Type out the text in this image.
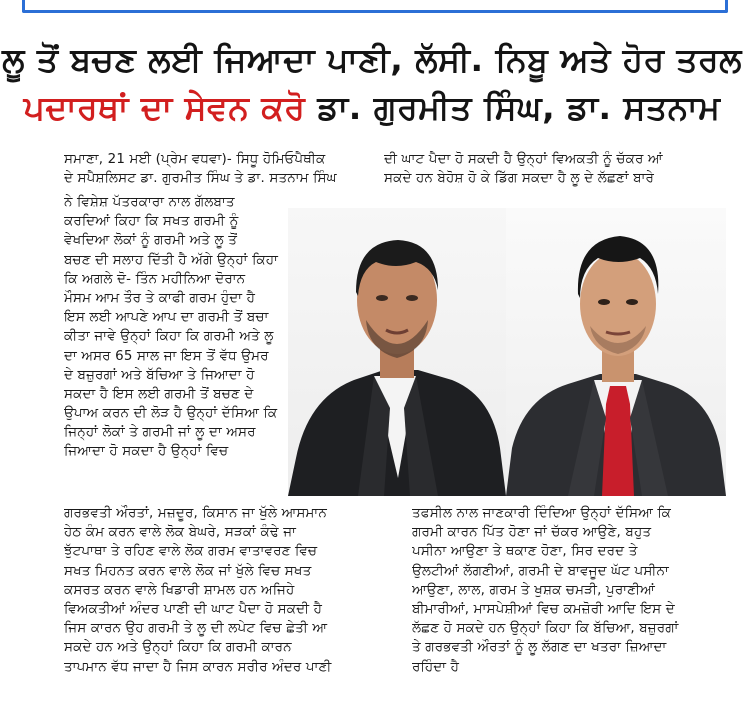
ਲੂ ਤੋਂ ਬਚਣ ਲਈ ਜਿਆਦਾ ਪਾਣੀ, ਲੱਸੀ. ਨਿਬੂ ਅਤੇ ਹੋਰ ਤਰਲ
ਪਦਾਰਥਾਂ ਦਾ ਸੇਵਨ ਕਰੋ ਡਾ. ਗੁਰਮੀਤ ਸਿੰਘ, ਡਾ. ਸਤਨਾਮ
ਸਮਾਣਾ, 21 ਮਈ (ਪ੍ਰੇਮ ਵਧਵਾ)- ਸਿਧੂ ਹੋਮਿਓਪੈਥੀਕ
ਦੇ ਸਪੈਸ਼ਲਿਸਟ ਡਾ. ਗੁਰਮੀਤ ਸਿੰਘ ਤੇ ਡਾ. ਸਤਨਾਮ ਸਿੰਘ
ਦੀ ਘਾਟ ਪੈਦਾ ਹੋ ਸਕਦੀ ਹੈ ਉਨ੍ਹਾਂ ਵਿਅਕਤੀ ਨੂੰ ਚੱਕਰ ਆਂ
ਸਕਦੇ ਹਨ ਬੇਹੋਸ਼ ਹੋ ਕੇ ਡਿੱਗ ਸਕਦਾ ਹੈ ਲੂ ਦੇ ਲੱਛਣਾਂ ਬਾਰੇ
ਨੇ ਵਿਸ਼ੇਸ਼ ਪੱਤਰਕਾਰਾ ਨਾਲ ਗੱਲਬਾਤ
ਕਰਦਿਆਂ ਕਿਹਾ ਕਿ ਸਖਤ ਗਰਮੀ ਨੂੰ
ਵੇਖਦਿਆ ਲੋਕਾਂ ਨੂੰ ਗਰਮੀ ਅਤੇ ਲੂ ਤੋਂ
ਬਚਣ ਦੀ ਸਲਾਹ ਦਿੱਤੀ ਹੈ ਅੱਗੇ ਉਨ੍ਹਾਂ ਕਿਹਾ
ਕਿ ਅਗਲੇ ਦੋ- ਤਿੰਨ ਮਹੀਨਿਆ ਦੋਰਾਨ
ਮੌਸਮ ਆਮ ਤੌਰ ਤੇ ਕਾਫੀ ਗਰਮ ਹੁੰਦਾ ਹੈ
ਇਸ ਲਈ ਆਪਣੇ ਆਪ ਦਾ ਗਰਮੀ ਤੋਂ ਬਚਾ
ਕੀਤਾ ਜਾਵੇ ਉਨ੍ਹਾਂ ਕਿਹਾ ਕਿ ਗਰਮੀ ਅਤੇ ਲੂ
ਦਾ ਅਸਰ 65 ਸਾਲ ਜਾ ਇਸ ਤੋਂ ਵੱਧ ਉਮਰ
ਦੇ ਬਜ਼ੁਰਗਾਂ ਅਤੇ ਬੱਚਿਆ ਤੇ ਜਿਆਦਾ ਹੋ
ਸਕਦਾ ਹੈ ਇਸ ਲਈ ਗਰਮੀ ਤੋਂ ਬਚਣ ਦੇ
ਉਪਾਅ ਕਰਨ ਦੀ ਲੋੜ ਹੈ ਉਨ੍ਹਾਂ ਦੱਸਿਆ ਕਿ
ਜਿਨ੍ਹਾਂ ਲੋਕਾਂ ਤੇ ਗਰਮੀ ਜਾਂ ਲੂ ਦਾ ਅਸਰ
ਜਿਆਦਾ ਹੋ ਸਕਦਾ ਹੈ ਉਨ੍ਹਾਂ ਵਿਚ
ਗਰਭਵਤੀ ਔਰਤਾਂ, ਮਜ਼ਦੂਰ, ਕਿਸਾਨ ਜਾ ਖੁੱਲੇ ਆਸਮਾਨ
ਹੇਠ ਕੰਮ ਕਰਨ ਵਾਲੇ ਲੋਕ ਬੇਘਰੇ, ਸੜਕਾਂ ਕੰਢੇ ਜਾ
ਝੁੱਟਪਾਥਾ ਤੇ ਰਹਿਣ ਵਾਲੇ ਲੋਕ ਗਰਮ ਵਾਤਾਵਰਣ ਵਿਚ
ਸਖਤ ਮਿਹਨਤ ਕਰਨ ਵਾਲੇ ਲੋਕ ਜਾਂ ਖੁੱਲੇ ਵਿਚ ਸਖਤ
ਕਸਰਤ ਕਰਨ ਵਾਲੇ ਖਿਡਾਰੀ ਸ਼ਾਮਲ ਹਨ ਅਜਿਹੇ
ਵਿਅਕਤੀਆਂ ਅੰਦਰ ਪਾਣੀ ਦੀ ਘਾਟ ਪੈਦਾ ਹੋ ਸਕਦੀ ਹੈ
ਜਿਸ ਕਾਰਨ ਉਹ ਗਰਮੀ ਤੇ ਲੂ ਦੀ ਲਪੇਟ ਵਿਚ ਛੇਤੀ ਆ
ਸਕਦੇ ਹਨ ਅਤੇ ਉਨ੍ਹਾਂ ਕਿਹਾ ਕਿ ਗਰਮੀ ਕਾਰਨ
ਤਾਪਮਾਨ ਵੱਧ ਜਾਦਾ ਹੈ ਜਿਸ ਕਾਰਨ ਸਰੀਰ ਅੰਦਰ ਪਾਣੀ
ਤਫਸੀਲ ਨਾਲ ਜਾਣਕਾਰੀ ਦਿੰਦਿਆ ਉਨ੍ਹਾਂ ਦੱਸਿਆ ਕਿ
ਗਰਮੀ ਕਾਰਨ ਪਿੱਤ ਹੋਣਾ ਜਾਂ ਚੱਕਰ ਆਉਣੇ, ਬਹੁਤ
ਪਸੀਨਾ ਆਉਣਾ ਤੇ ਥਕਾਣ ਹੋਣਾ, ਸਿਰ ਦਰਦ ਤੇ
ਉਲਟੀਆਂ ਲੱਗਣੀਆਂ, ਗਰਮੀ ਦੇ ਬਾਵਜੂਦ ਘੱਟ ਪਸੀਨਾ
ਆਉਣਾ, ਲਾਲ, ਗਰਮ ਤੇ ਖੁਸ਼ਕ ਚਮੜੀ, ਪੁਰਾਣੀਆਂ
ਬੀਮਾਰੀਆਂ, ਮਾਸਪੇਸ਼ੀਆਂ ਵਿਚ ਕਮਜ਼ੋਰੀ ਆਦਿ ਇਸ ਦੇ
ਲੱਛਣ ਹੋ ਸਕਦੇ ਹਨ ਉਨ੍ਹਾਂ ਕਿਹਾ ਕਿ ਬੱਚਿਆ, ਬਜ਼ੁਰਗਾਂ
ਤੇ ਗਰਭਵਤੀ ਔਰਤਾਂ ਨੂੰ ਲੂ ਲੱਗਣ ਦਾ ਖਤਰਾ ਜ਼ਿਆਦਾ
ਰਹਿੰਦਾ ਹੈ
